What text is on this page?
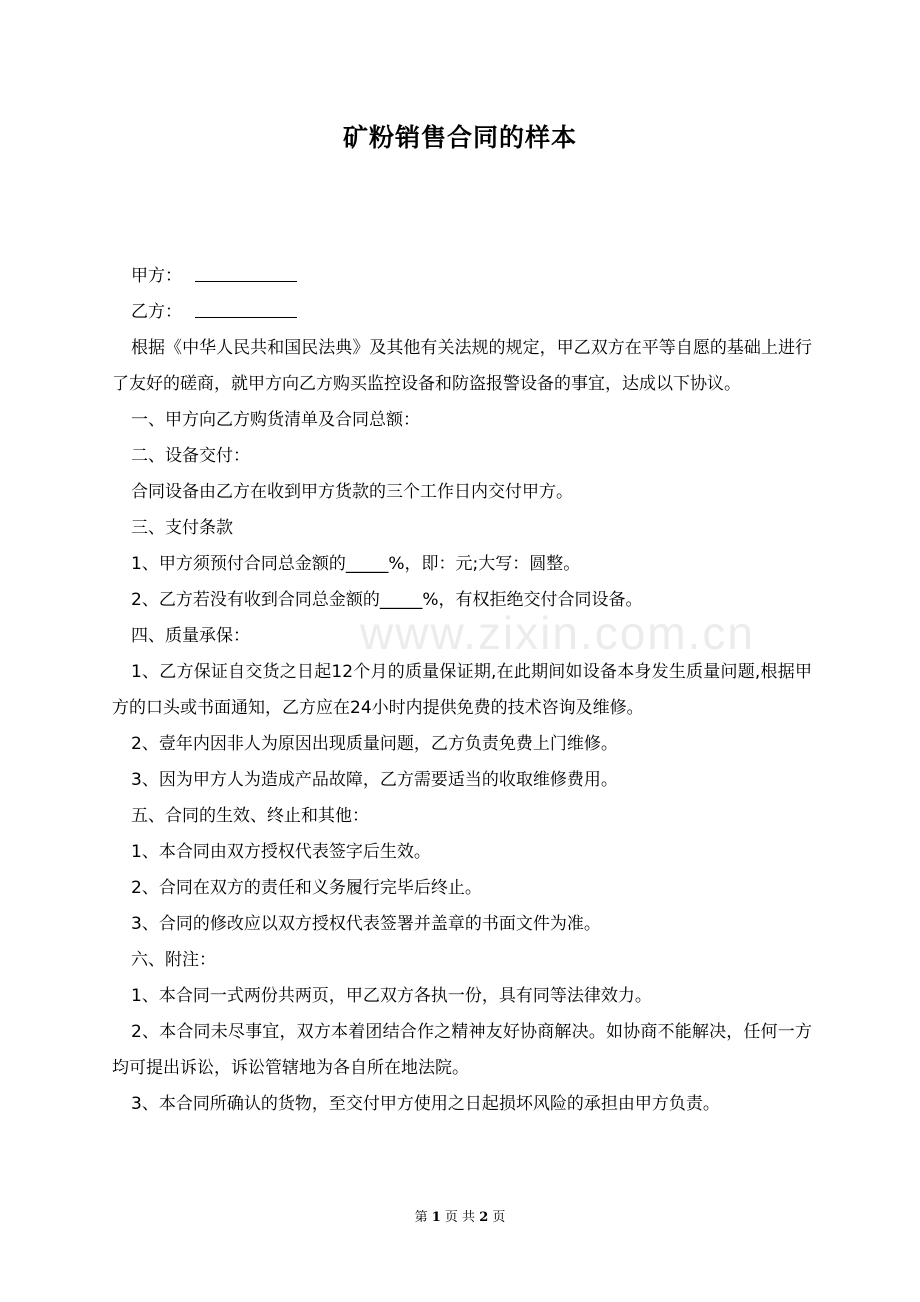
矿粉销售合同的样本
www.zixin.com.cn
甲方：
乙方：

根据《中华人民共和国民法典》及其他有关法规的规定，甲乙双方在平等自愿的基础上进行了友好的磋商，就甲方向乙方购买监控设备和防盗报警设备的事宜，达成以下协议。

一、甲方向乙方购货清单及合同总额：

二、设备交付：

合同设备由乙方在收到甲方货款的三个工作日内交付甲方。

三、支付条款

1、甲方须预付合同总金额的_____%，即：元;大写：圆整。

2、乙方若没有收到合同总金额的_____%，有权拒绝交付合同设备。

四、质量承保：

1、乙方保证自交货之日起12个月的质量保证期,在此期间如设备本身发生质量问题,根据甲方的口头或书面通知，乙方应在24小时内提供免费的技术咨询及维修。

2、壹年内因非人为原因出现质量问题，乙方负责免费上门维修。

3、因为甲方人为造成产品故障，乙方需要适当的收取维修费用。

五、合同的生效、终止和其他：

1、本合同由双方授权代表签字后生效。

2、合同在双方的责任和义务履行完毕后终止。

3、合同的修改应以双方授权代表签署并盖章的书面文件为准。

六、附注：

1、本合同一式两份共两页，甲乙双方各执一份，具有同等法律效力。

2、本合同未尽事宜，双方本着团结合作之精神友好协商解决。如协商不能解决，任何一方均可提出诉讼，诉讼管辖地为各自所在地法院。

3、本合同所确认的货物，至交付甲方使用之日起损坏风险的承担由甲方负责。

第 1 页 共 2 页
